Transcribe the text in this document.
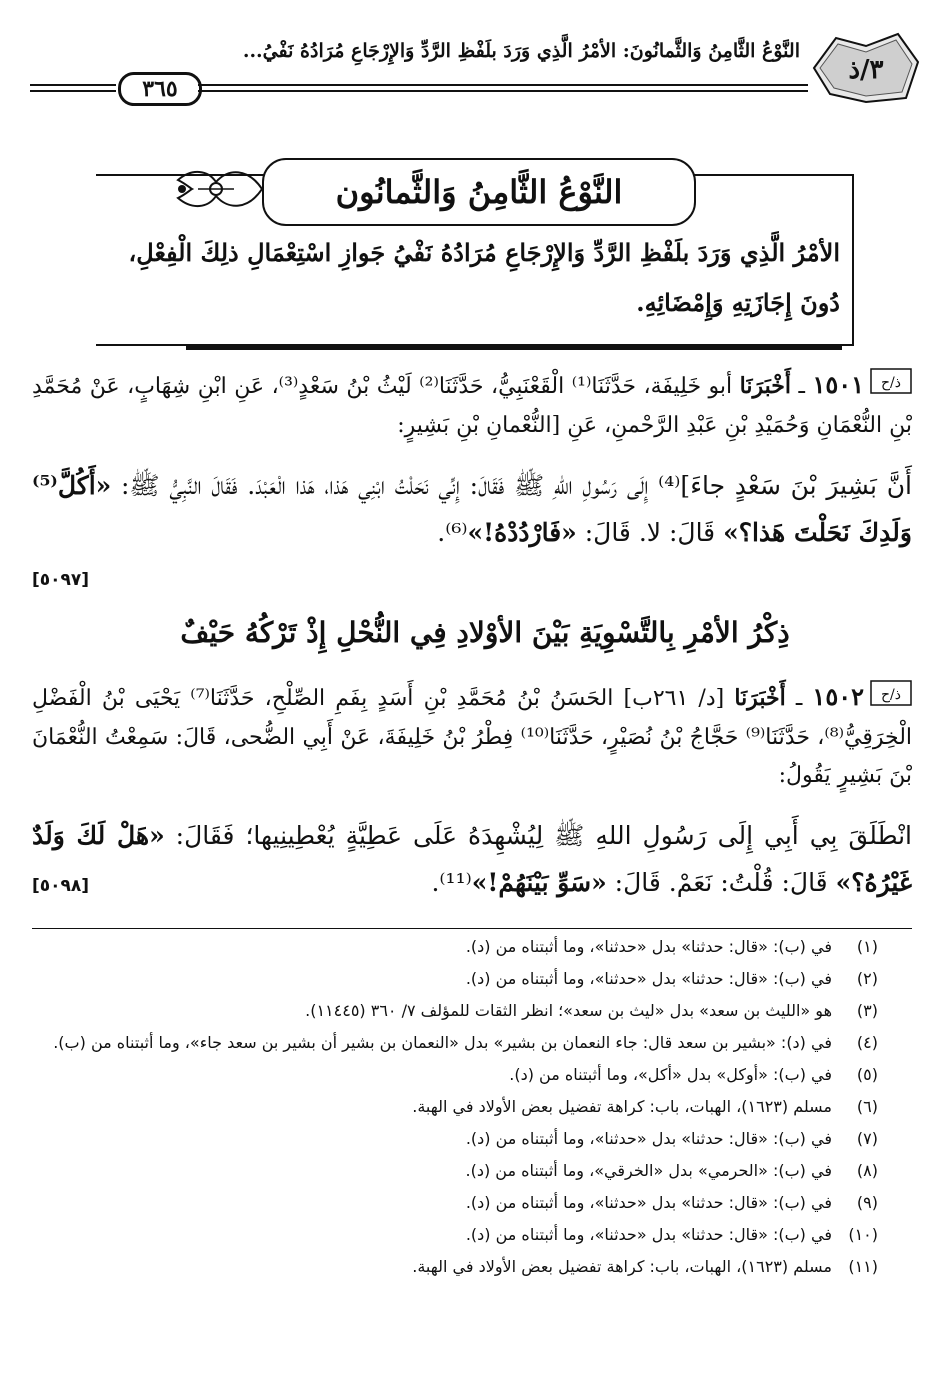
النَّوْعُ الثَّامِنُ وَالثَّمانُونَ: الأمْرُ الَّذِي وَرَدَ بلَفْظِ الرَّدِّ وَالإِرْجَاعِ مُرَادُهُ نَفْيُ...
٣/ذ
٣٦٥
النَّوْعُ الثَّامِنُ وَالثَّمانُون
الأمْرُ الَّذِي وَرَدَ بلَفْظِ الرَّدِّ وَالإِرْجَاعِ مُرَادُهُ نَفْيُ جَوازِ اسْتِعْمَالِ ذلِكَ الْفِعْلِ، دُونَ إِجَازَتِهِ وَإِمْضَائِهِ.
ذ/ح
١٥٠١ ـ أَخْبَرَنَا أبو خَلِيفَة، حَدَّثَنَا⁽¹⁾ الْقَعْنَبِيُّ، حَدَّثَنَا⁽²⁾ لَيْثُ بْنُ سَعْدٍ⁽³⁾، عَنِ ابْنِ شِهَابٍ، عَنْ مُحَمَّدِ بْنِ النُّعْمَانِ وَحُمَيْدِ بْنِ عَبْدِ الرَّحْمنِ، عَنِ [النُّعْمانِ بْنِ بَشِيرٍ:
أَنَّ بَشِيرَ بْنَ سَعْدٍ جاءَ]⁽⁴⁾ إِلَى رَسُولِ اللهِ ﷺ فَقَالَ: إِنِّي نَحَلْتُ ابْنِي هَذا، هَذا الْعَبْدَ. فَقَالَ النَّبِيُّ ﷺ: «أَكُلَّ⁽⁵⁾ وَلَدِكَ نَحَلْتَ هَذا؟» قَالَ: لا. قَالَ: «فَارْدُدْهُ!»⁽⁶⁾.
[٥٠٩٧]
ذِكْرُ الأمْرِ بِالتَّسْوِيَةِ بَيْنَ الأوْلادِ فِي النُّحْلِ إِذْ تَرْكُهُ حَيْفٌ
ذ/ح
١٥٠٢ ـ أَخْبَرَنَا [د/ ٢٦١ب] الحَسَنُ بْنُ مُحَمَّدِ بْنِ أَسَدٍ بِفَمِ الصِّلْحِ، حَدَّثَنَا⁽⁷⁾ يَحْيَى بْنُ الْفَضْلِ الْخِرَقِيُّ⁽⁸⁾، حَدَّثَنَا⁽⁹⁾ حَجَّاجُ بْنُ نُصَيْرٍ، حَدَّثَنَا⁽¹⁰⁾ فِطْرُ بْنُ خَلِيفَةَ، عَنْ أَبِي الضُّحى، قَالَ: سَمِعْتُ النُّعْمَانَ بْنَ بَشِيرٍ يَقُولُ:
انْطَلَقَ بِي أَبِي إِلَى رَسُولِ اللهِ ﷺ لِيُشْهِدَهُ عَلَى عَطِيَّةٍ يُعْطِينِيها؛ فَقَالَ: «هَلْ لَكَ وَلَدٌ غَيْرُهُ؟» قَالَ: قُلْتُ: نَعَمْ. قَالَ: «سَوِّ بَيْنَهُمْ!»⁽¹¹⁾.
[٥٠٩٨]
(١)
في (ب): «قال: حدثنا» بدل «حدثنا»، وما أثبتناه من (د).
(٢)
في (ب): «قال: حدثنا» بدل «حدثنا»، وما أثبتناه من (د).
(٣)
هو «الليث بن سعد» بدل «ليث بن سعد»؛ انظر الثقات للمؤلف ٧/ ٣٦٠ (١١٤٤٥).
(٤)
في (د): «بشير بن سعد قال: جاء النعمان بن بشير» بدل «النعمان بن بشير أن بشير بن سعد جاء»، وما أثبتناه من (ب).
(٥)
في (ب): «أوكل» بدل «أكل»، وما أثبتناه من (د).
(٦)
مسلم (١٦٢٣)، الهبات، باب: كراهة تفضيل بعض الأولاد في الهبة.
(٧)
في (ب): «قال: حدثنا» بدل «حدثنا»، وما أثبتناه من (د).
(٨)
في (ب): «الحرمي» بدل «الخرقي»، وما أثبتناه من (د).
(٩)
في (ب): «قال: حدثنا» بدل «حدثنا»، وما أثبتناه من (د).
(١٠)
في (ب): «قال: حدثنا» بدل «حدثنا»، وما أثبتناه من (د).
(١١)
مسلم (١٦٢٣)، الهبات، باب: كراهة تفضيل بعض الأولاد في الهبة.
